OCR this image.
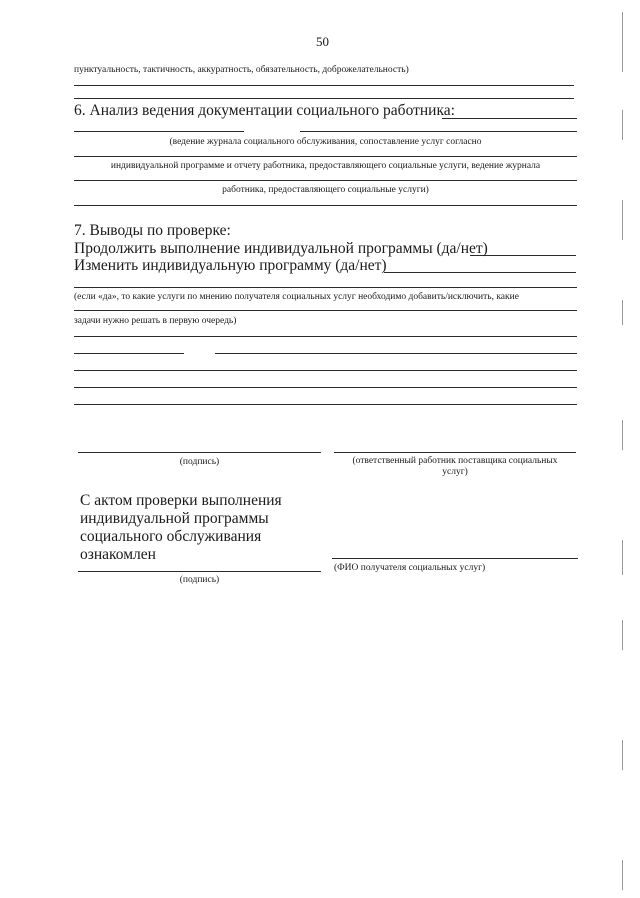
50
пунктуальность, тактичность, аккуратность, обязательность, доброжелательность)
6. Анализ ведения документации социального работника:
(ведение журнала социального обслуживания, сопоставление услуг согласно
индивидуальной программе и отчету работника, предоставляющего социальные услуги, ведение журнала
работника, предоставляющего социальные услуги)
7. Выводы по проверке:
Продолжить выполнение индивидуальной программы (да/нет)
Изменить индивидуальную программу (да/нет)
(если «да», то какие услуги по мнению получателя социальных услуг необходимо добавить/исключить, какие
задачи нужно решать в первую очередь)
(подпись)	(ответственный работник поставщика социальных
услуг)
С актом проверки выполнения
индивидуальной программы
социального обслуживания
ознакомлен
(ФИО получателя социальных услуг)
(подпись)
